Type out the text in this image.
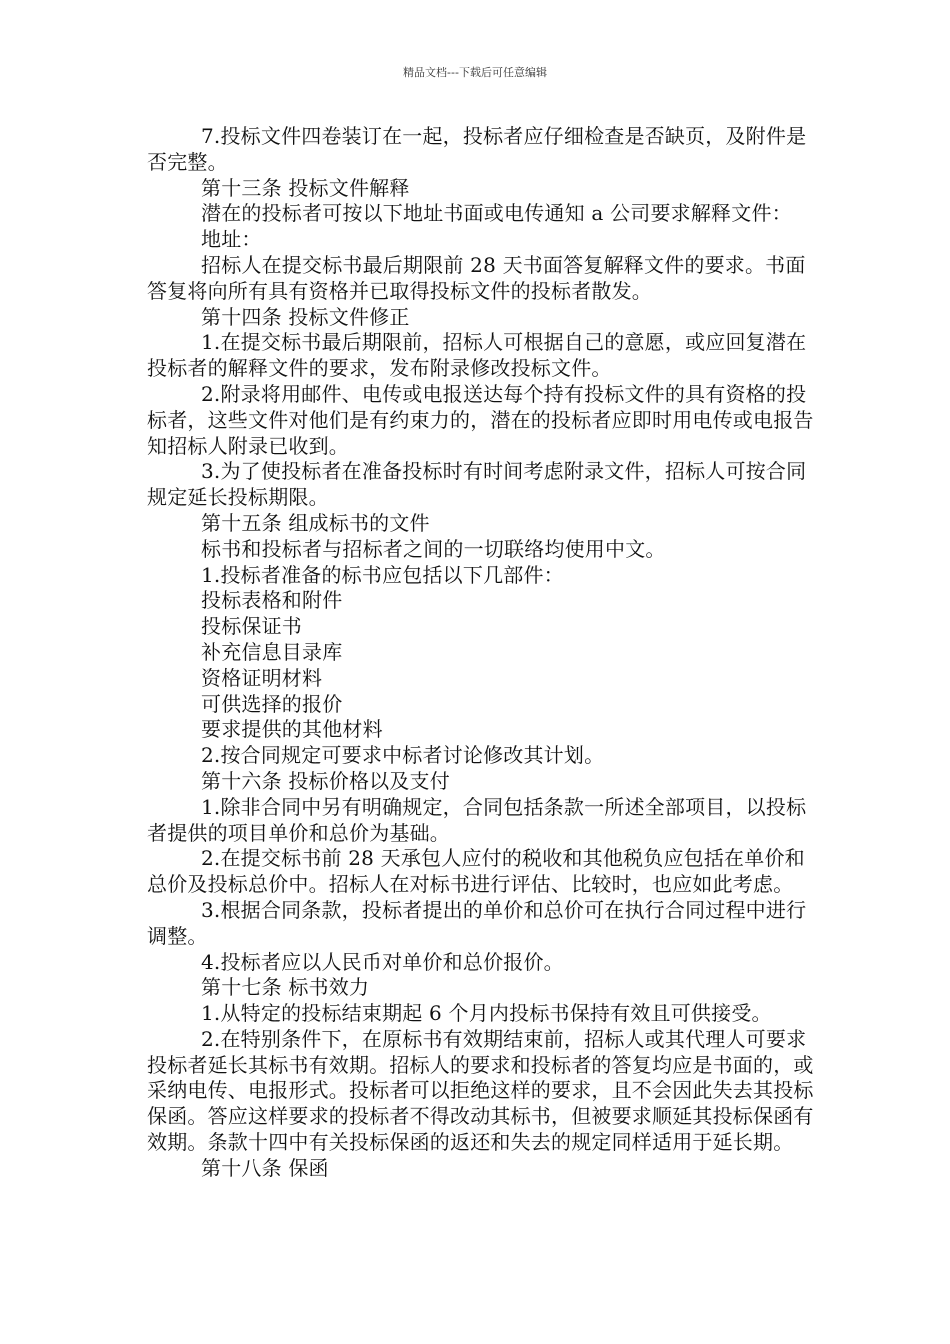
精品文档---下载后可任意编辑

7.投标文件四卷装订在一起，投标者应仔细检查是否缺页，及附件是否完整。

第十三条 投标文件解释

潜在的投标者可按以下地址书面或电传通知 a 公司要求解释文件：

地址：

招标人在提交标书最后期限前 28 天书面答复解释文件的要求。书面答复将向所有具有资格并已取得投标文件的投标者散发。

第十四条 投标文件修正

1.在提交标书最后期限前，招标人可根据自己的意愿，或应回复潜在投标者的解释文件的要求，发布附录修改投标文件。

2.附录将用邮件、电传或电报送达每个持有投标文件的具有资格的投标者，这些文件对他们是有约束力的，潜在的投标者应即时用电传或电报告知招标人附录已收到。

3.为了使投标者在准备投标时有时间考虑附录文件，招标人可按合同规定延长投标期限。

第十五条 组成标书的文件

标书和投标者与招标者之间的一切联络均使用中文。

1.投标者准备的标书应包括以下几部件：

投标表格和附件

投标保证书

补充信息目录库

资格证明材料

可供选择的报价

要求提供的其他材料

2.按合同规定可要求中标者讨论修改其计划。

第十六条 投标价格以及支付

1.除非合同中另有明确规定，合同包括条款一所述全部项目，以投标者提供的项目单价和总价为基础。

2.在提交标书前 28 天承包人应付的税收和其他税负应包括在单价和总价及投标总价中。招标人在对标书进行评估、比较时，也应如此考虑。

3.根据合同条款，投标者提出的单价和总价可在执行合同过程中进行调整。

4.投标者应以人民币对单价和总价报价。

第十七条 标书效力

1.从特定的投标结束期起 6 个月内投标书保持有效且可供接受。

2.在特别条件下，在原标书有效期结束前，招标人或其代理人可要求投标者延长其标书有效期。招标人的要求和投标者的答复均应是书面的，或采纳电传、电报形式。投标者可以拒绝这样的要求，且不会因此失去其投标保函。答应这样要求的投标者不得改动其标书，但被要求顺延其投标保函有效期。条款十四中有关投标保函的返还和失去的规定同样适用于延长期。

第十八条 保函
